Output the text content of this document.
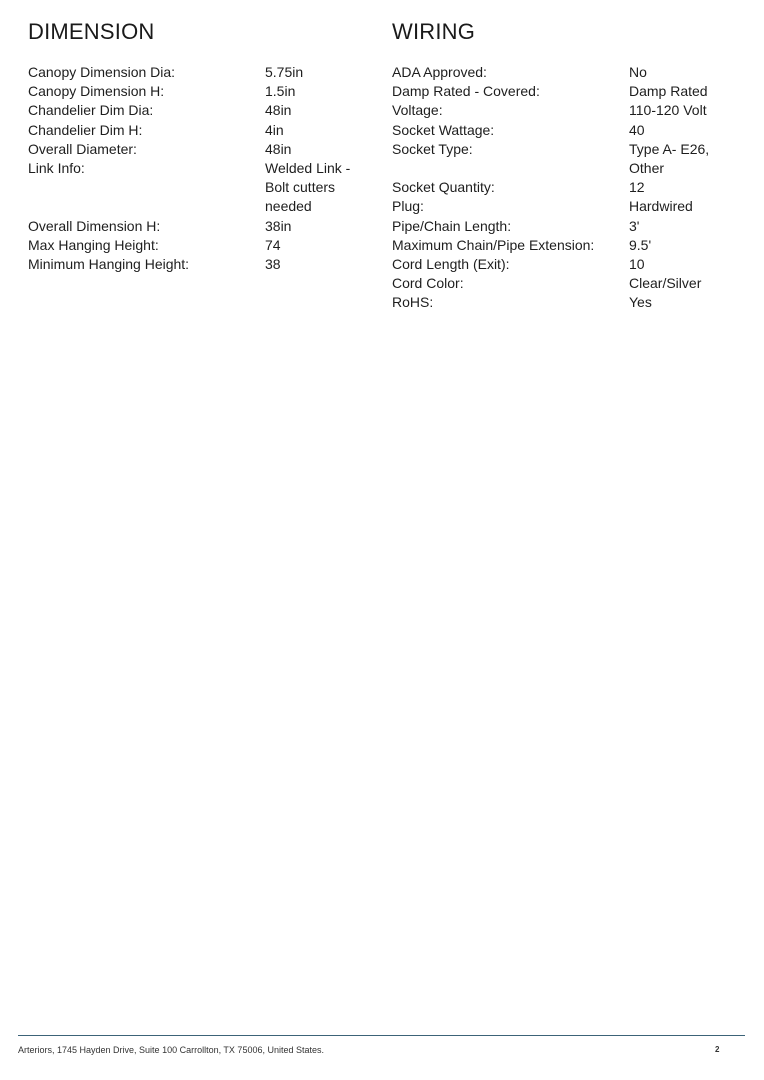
DIMENSION
Canopy Dimension Dia:	5.75in
Canopy Dimension H:	1.5in
Chandelier Dim Dia:	48in
Chandelier Dim H:	4in
Overall Diameter:	48in
Link Info:	Welded Link - Bolt cutters needed
Overall Dimension H:	38in
Max Hanging Height:	74
Minimum Hanging Height:	38
WIRING
ADA Approved:	No
Damp Rated - Covered:	Damp Rated
Voltage:	110-120 Volt
Socket Wattage:	40
Socket Type:	Type A- E26, Other
Socket Quantity:	12
Plug:	Hardwired
Pipe/Chain Length:	3'
Maximum Chain/Pipe Extension:	9.5'
Cord Length (Exit):	10
Cord Color:	Clear/Silver
RoHS:	Yes
Arteriors, 1745 Hayden Drive, Suite 100 Carrollton, TX 75006, United States.	2
